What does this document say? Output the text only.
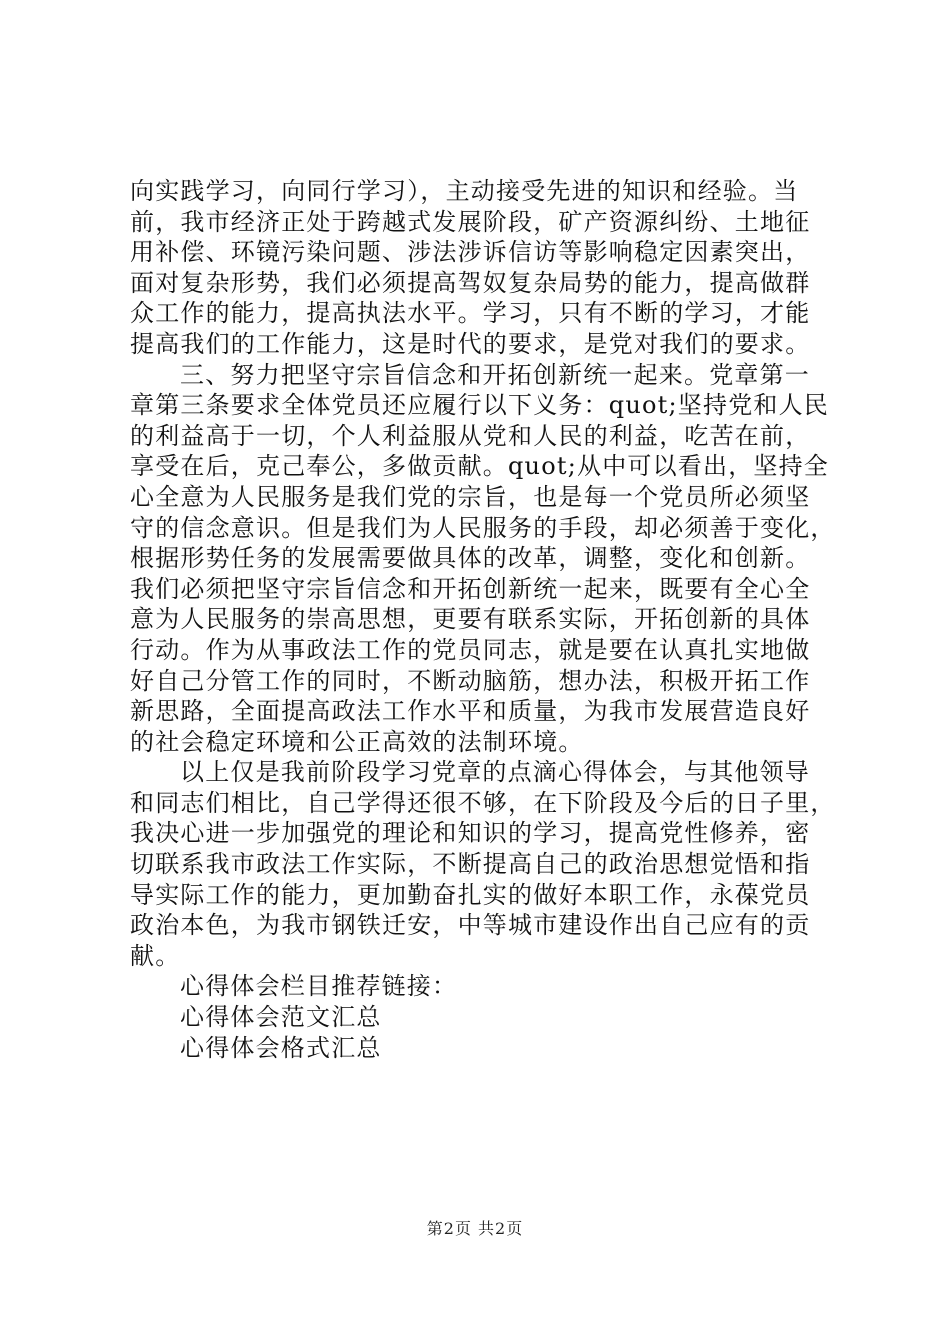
向实践学习，向同行学习），主动接受先进的知识和经验。当
前，我市经济正处于跨越式发展阶段，矿产资源纠纷、土地征
用补偿、环镜污染问题、涉法涉诉信访等影响稳定因素突出，
面对复杂形势，我们必须提高驾奴复杂局势的能力，提高做群
众工作的能力，提高执法水平。学习，只有不断的学习，才能
提高我们的工作能力，这是时代的要求，是党对我们的要求。
三、努力把坚守宗旨信念和开拓创新统一起来。党章第一
章第三条要求全体党员还应履行以下义务：quot;坚持党和人民
的利益高于一切，个人利益服从党和人民的利益，吃苦在前，
享受在后，克己奉公，多做贡献。quot;从中可以看出，坚持全
心全意为人民服务是我们党的宗旨，也是每一个党员所必须坚
守的信念意识。但是我们为人民服务的手段，却必须善于变化，
根据形势任务的发展需要做具体的改革，调整，变化和创新。
我们必须把坚守宗旨信念和开拓创新统一起来，既要有全心全
意为人民服务的崇高思想，更要有联系实际，开拓创新的具体
行动。作为从事政法工作的党员同志，就是要在认真扎实地做
好自己分管工作的同时，不断动脑筋，想办法，积极开拓工作
新思路，全面提高政法工作水平和质量，为我市发展营造良好
的社会稳定环境和公正高效的法制环境。
以上仅是我前阶段学习党章的点滴心得体会，与其他领导
和同志们相比，自己学得还很不够，在下阶段及今后的日子里，
我决心进一步加强党的理论和知识的学习，提高党性修养，密
切联系我市政法工作实际，不断提高自己的政治思想觉悟和指
导实际工作的能力，更加勤奋扎实的做好本职工作，永葆党员
政治本色，为我市钢铁迁安，中等城市建设作出自己应有的贡
献。
心得体会栏目推荐链接：
心得体会范文汇总
心得体会格式汇总
第2页 共2页
